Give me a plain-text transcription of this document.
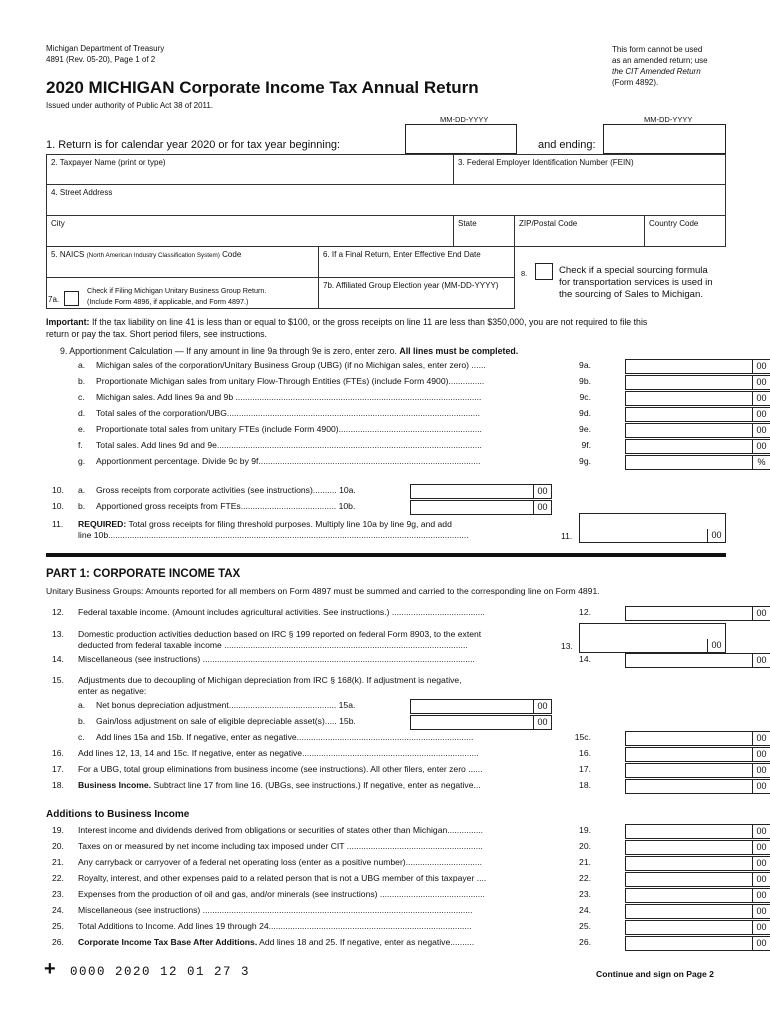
Michigan Department of Treasury
4891 (Rev. 05-20), Page 1 of 2
2020 MICHIGAN Corporate Income Tax Annual Return
Issued under authority of Public Act 38 of 2011.
This form cannot be used
as an amended return; use
the CIT Amended Return
(Form 4892).
MM-DD-YYYY	MM-DD-YYYY
1. Return is for calendar year 2020 or for tax year beginning:	and ending:
2. Taxpayer Name (print or type)	3. Federal Employer Identification Number (FEIN)
4. Street Address
City	State	ZIP/Postal Code	Country Code
5. NAICS (North American Industry Classification System) Code	6. If a Final Return, Enter Effective End Date
7b. Affiliated Group Election year (MM-DD-YYYY)
7a.
Check if Filing Michigan Unitary Business Group Return.
(Include Form 4896, if applicable, and Form 4897.)
8.	Check if a special sourcing formula
for transportation services is used in
the sourcing of Sales to Michigan.
Important: If the tax liability on line 41 is less than or equal to $100, or the gross receipts on line 11 are less than $350,000, you are not required to file this
return or pay the tax. Short period filers, see instructions.
9. Apportionment Calculation — If any amount in line 9a through 9e is zero, enter zero. All lines must be completed.
a. Michigan sales of the corporation/Unitary Business Group (UBG) (if no Michigan sales, enter zero) ......	9a.	00
b. Proportionate Michigan sales from unitary Flow-Through Entities (FTEs) (include Form 4900)...............	9b.	00
c. Michigan sales. Add lines 9a and 9b .......................................................................................................	9c.	00
d. Total sales of the corporation/UBG..........................................................................................................	9d.	00
e. Proportionate total sales from unitary FTEs (include Form 4900)............................................................	9e.	00
f. Total sales. Add lines 9d and 9e...............................................................................................................	9f.	00
g. Apportionment percentage. Divide 9c by 9f.............................................................................................	9g.	%
10. a. Gross receipts from corporate activities (see instructions).......... 10a.	00
10. b. Apportioned gross receipts from FTEs........................................ 10b.	00
11. REQUIRED: Total gross receipts for filing threshold purposes. Multiply line 10a by line 9g, and add
line 10b.......................................................................................................................................................	11.	00
PART 1: CORPORATE INCOME TAX
Unitary Business Groups: Amounts reported for all members on Form 4897 must be summed and carried to the corresponding line on Form 4891.
12. Federal taxable income. (Amount includes agricultural activities. See instructions.) .......................................	12.	00
13. Domestic production activities deduction based on IRC § 199 reported on federal Form 8903, to the extent
deducted from federal taxable income ......................................................................................................	13.	00
14. Miscellaneous (see instructions) ..................................................................................................................	14.	00
15. Adjustments due to decoupling of Michigan depreciation from IRC § 168(k). If adjustment is negative,
enter as negative:
a. Net bonus depreciation adjustment............................................. 15a.	00
b. Gain/loss adjustment on sale of eligible depreciable asset(s)..... 15b.	00
c. Add lines 15a and 15b. If negative, enter as negative..........................................................................	15c.	00
16. Add lines 12, 13, 14 and 15c. If negative, enter as negative..........................................................................	16.	00
17. For a UBG, total group eliminations from business income (see instructions). All other filers, enter zero ......	17.	00
18. Business Income. Subtract line 17 from line 16. (UBGs, see instructions.) If negative, enter as negative...	18.	00
Additions to Business Income
19. Interest income and dividends derived from obligations or securities of states other than Michigan...............	19.	00
20. Taxes on or measured by net income including tax imposed under CIT .........................................................	20.	00
21. Any carryback or carryover of a federal net operating loss (enter as a positive number)................................	21.	00
22. Royalty, interest, and other expenses paid to a related person that is not a UBG member of this taxpayer ....	22.	00
23. Expenses from the production of oil and gas, and/or minerals (see instructions) ............................................	23.	00
24. Miscellaneous (see instructions) .................................................................................................................	24.	00
25. Total Additions to Income. Add lines 19 through 24.....................................................................................	25.	00
26. Corporate Income Tax Base After Additions. Add lines 18 and 25. If negative, enter as negative..........	26.	00
+ 0000 2020 12 01 27 3	Continue and sign on Page 2
